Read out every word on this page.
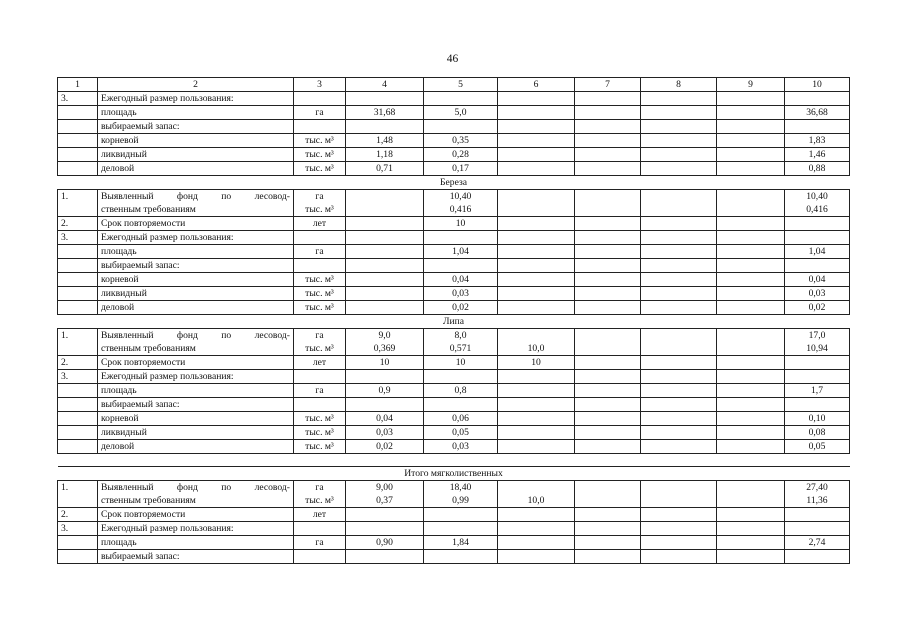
46
1	2	3	4	5	6	7	8	9	10
3.	Ежегодный размер пользования:								
	площадь	га	31,68	5,0					36,68
	выбираемый запас:								
	корневой	тыс. м³	1,48	0,35					1,83
	ликвидный	тыс. м³	1,18	0,28					1,46
	деловой	тыс. м³	0,71	0,17					0,88
Береза									
1.	Выявленный фонд по лесовод-	га		10,40					10,40
	ственным требованиям	тыс. м³		0,416					0,416
2.	Срок повторяемости	лет		10					
3.	Ежегодный размер пользования:								
	площадь	га		1,04					1,04
	выбираемый запас:								
	корневой	тыс. м³		0,04					0,04
	ликвидный	тыс. м³		0,03					0,03
	деловой	тыс. м³		0,02					0,02
Липа									
1.	Выявленный фонд по лесовод-	га	9,0	8,0					17,0
	ственным требованиям	тыс. м³	0,369	0,571	10,0				10,94
2.	Срок повторяемости	лет	10	10	10				
3.	Ежегодный размер пользования:								
	площадь	га	0,9	0,8					1,7
	выбираемый запас:								
	корневой	тыс. м³	0,04	0,06					0,10
	ликвидный	тыс. м³	0,03	0,05					0,08
	деловой	тыс. м³	0,02	0,03					0,05

Итого мягколиственных									
1.	Выявленный фонд по лесовод-	га	9,00	18,40					27,40
	ственным требованиям	тыс. м³	0,37	0,99	10,0				11,36
2.	Срок повторяемости	лет							
3.	Ежегодный размер пользования:								
	площадь	га	0,90	1,84					2,74
	выбираемый запас:								
